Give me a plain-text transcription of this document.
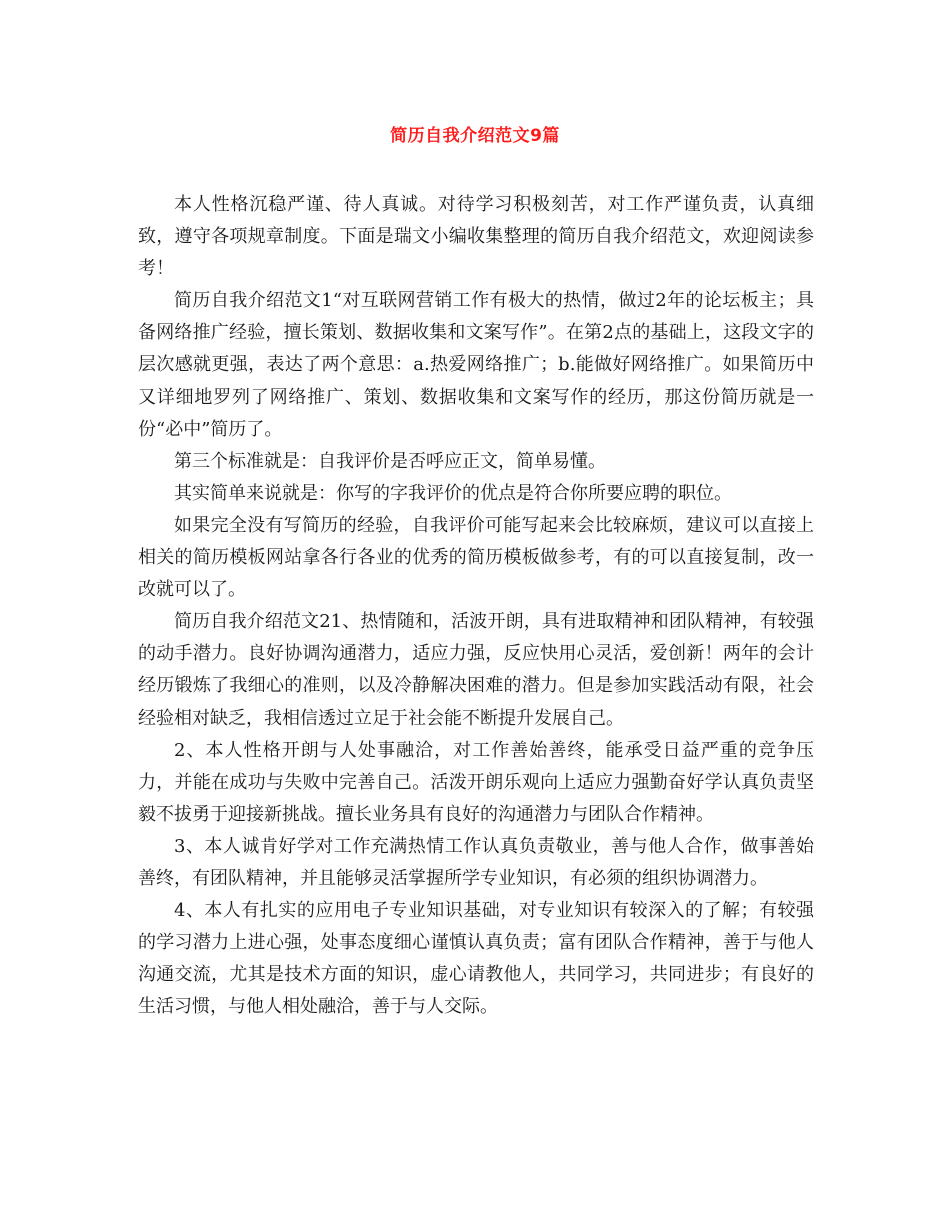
简历自我介绍范文9篇

本人性格沉稳严谨、待人真诚。对待学习积极刻苦，对工作严谨负责，认真细致，遵守各项规章制度。下面是瑞文小编收集整理的简历自我介绍范文，欢迎阅读参考！

简历自我介绍范文1“对互联网营销工作有极大的热情，做过2年的论坛板主；具备网络推广经验，擅长策划、数据收集和文案写作”。在第2点的基础上，这段文字的层次感就更强，表达了两个意思：a.热爱网络推广；b.能做好网络推广。如果简历中又详细地罗列了网络推广、策划、数据收集和文案写作的经历，那这份简历就是一份“必中”简历了。

第三个标准就是：自我评价是否呼应正文，简单易懂。

其实简单来说就是：你写的字我评价的优点是符合你所要应聘的职位。

如果完全没有写简历的经验，自我评价可能写起来会比较麻烦，建议可以直接上相关的简历模板网站拿各行各业的优秀的简历模板做参考，有的可以直接复制，改一改就可以了。

简历自我介绍范文21、热情随和，活波开朗，具有进取精神和团队精神，有较强的动手潜力。良好协调沟通潜力，适应力强，反应快用心灵活，爱创新！两年的会计经历锻炼了我细心的准则，以及冷静解决困难的潜力。但是参加实践活动有限，社会经验相对缺乏，我相信透过立足于社会能不断提升发展自己。

2、本人性格开朗与人处事融洽，对工作善始善终，能承受日益严重的竞争压力，并能在成功与失败中完善自己。活泼开朗乐观向上适应力强勤奋好学认真负责坚毅不拔勇于迎接新挑战。擅长业务具有良好的沟通潜力与团队合作精神。

3、本人诚肯好学对工作充满热情工作认真负责敬业，善与他人合作，做事善始善终，有团队精神，并且能够灵活掌握所学专业知识，有必须的组织协调潜力。

4、本人有扎实的应用电子专业知识基础，对专业知识有较深入的了解；有较强的学习潜力上进心强，处事态度细心谨慎认真负责；富有团队合作精神，善于与他人沟通交流，尤其是技术方面的知识，虚心请教他人，共同学习，共同进步；有良好的生活习惯，与他人相处融洽，善于与人交际。
